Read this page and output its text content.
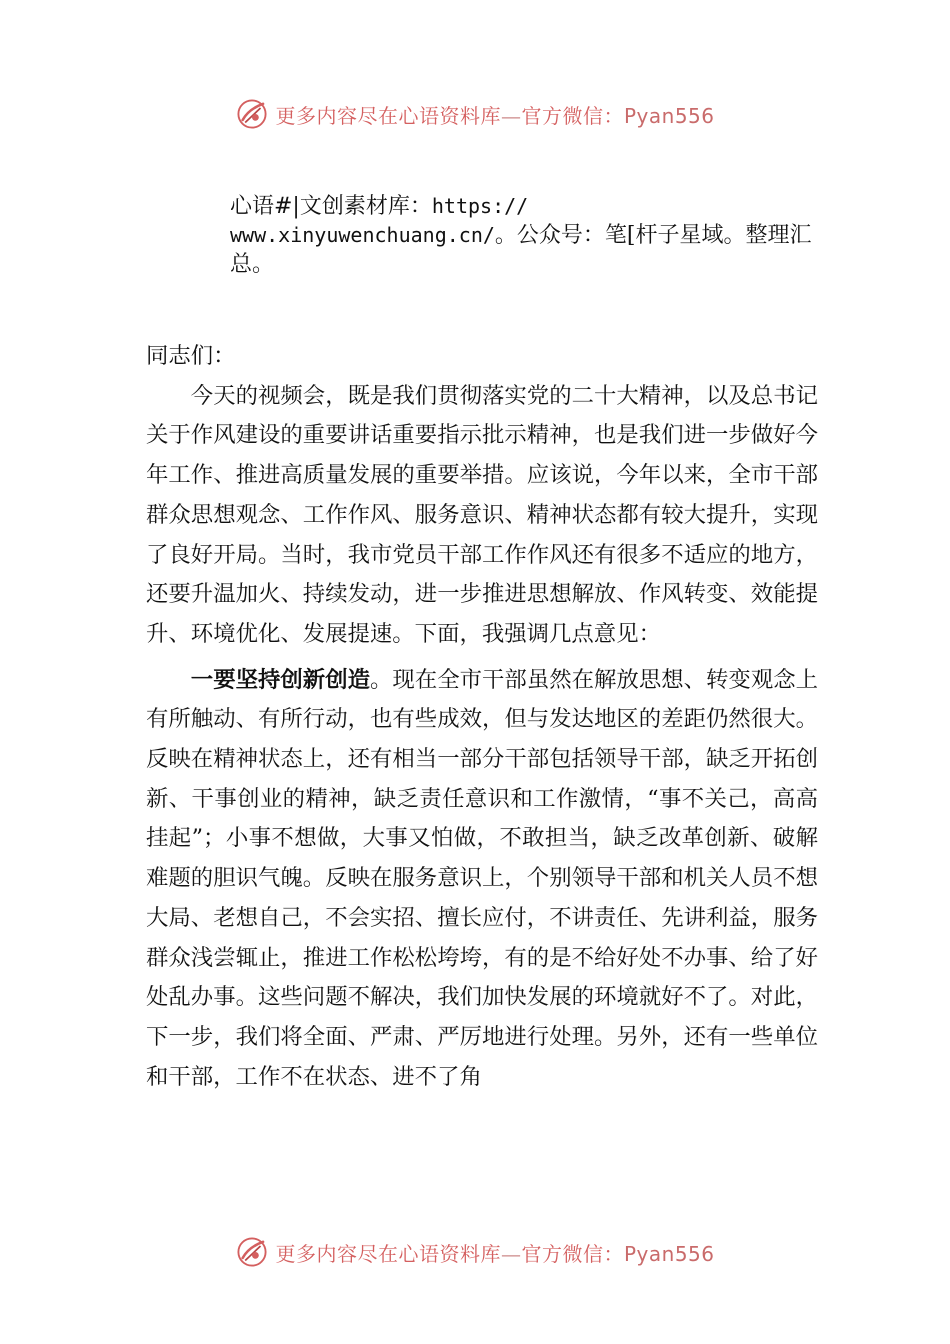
更多内容尽在心语资料库—官方微信：Pyan556
心语#|文创素材库：https://
www.xinyuwenchuang.cn/。公众号：笔[杆子星域。整理汇总。

同志们：

今天的视频会，既是我们贯彻落实党的二十大精神，以及总书记关于作风建设的重要讲话重要指示批示精神，也是我们进一步做好今年工作、推进高质量发展的重要举措。应该说，今年以来，全市干部群众思想观念、工作作风、服务意识、精神状态都有较大提升，实现了良好开局。当时，我市党员干部工作作风还有很多不适应的地方，还要升温加火、持续发动，进一步推进思想解放、作风转变、效能提升、环境优化、发展提速。下面，我强调几点意见：

一要坚持创新创造。现在全市干部虽然在解放思想、转变观念上有所触动、有所行动，也有些成效，但与发达地区的差距仍然很大。反映在精神状态上，还有相当一部分干部包括领导干部，缺乏开拓创新、干事创业的精神，缺乏责任意识和工作激情，“事不关己，高高挂起”；小事不想做，大事又怕做，不敢担当，缺乏改革创新、破解难题的胆识气魄。反映在服务意识上，个别领导干部和机关人员不想大局、老想自己，不会实招、擅长应付，不讲责任、先讲利益，服务群众浅尝辄止，推进工作松松垮垮，有的是不给好处不办事、给了好处乱办事。这些问题不解决，我们加快发展的环境就好不了。对此，下一步，我们将全面、严肃、严厉地进行处理。另外，还有一些单位和干部，工作不在状态、进不了角

更多内容尽在心语资料库—官方微信：Pyan556
